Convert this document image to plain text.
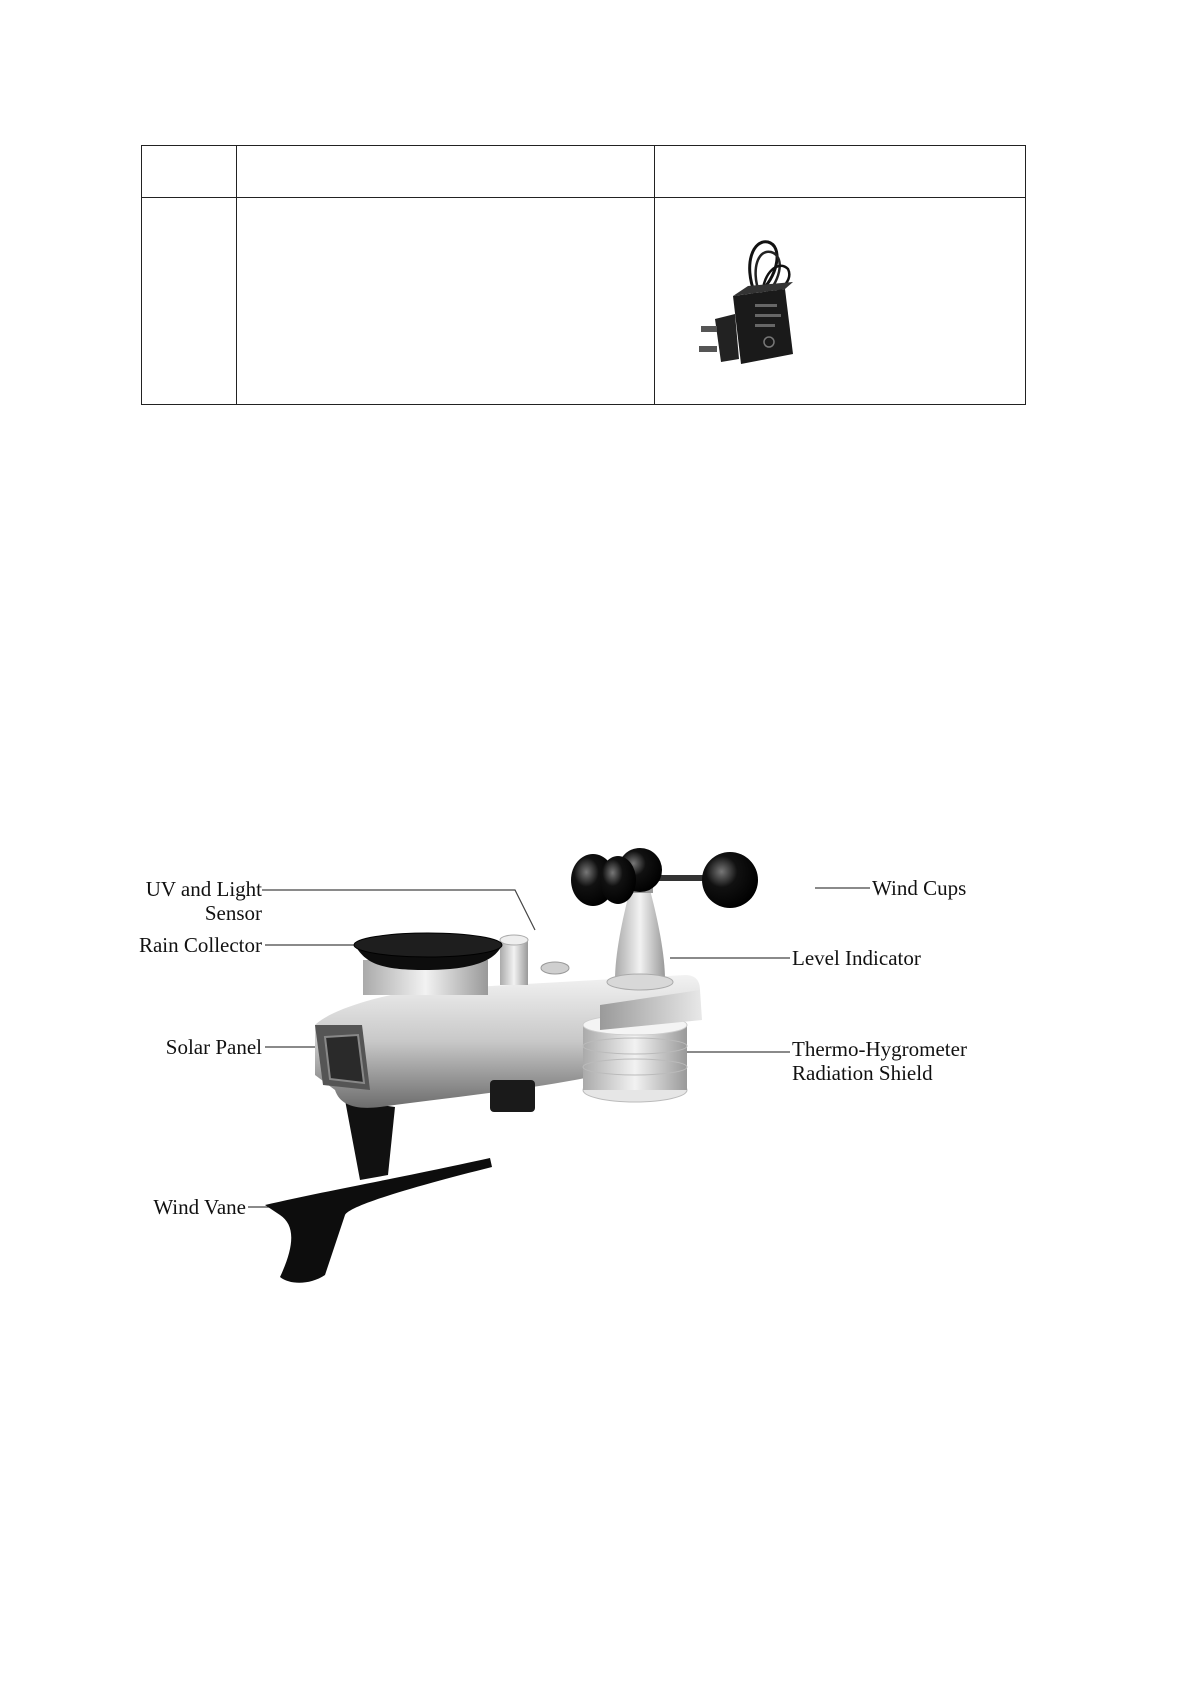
UV and Light
Sensor
Rain Collector
Solar Panel
Wind Vane
Wind Cups
Level Indicator
Thermo-Hygrometer
Radiation Shield
